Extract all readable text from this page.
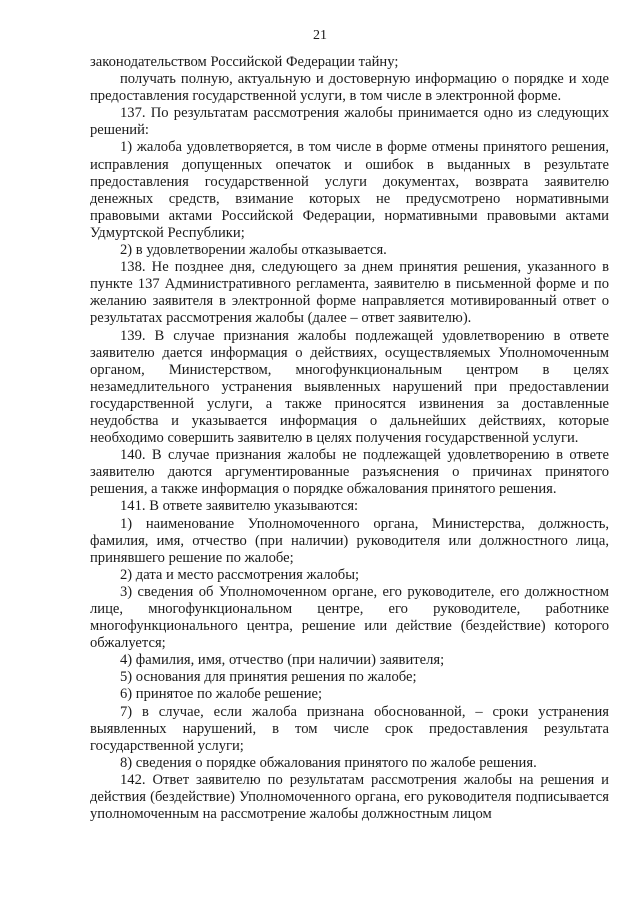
21

законодательством Российской Федерации тайну;

получать полную, актуальную и достоверную информацию о порядке и ходе предоставления государственной услуги, в том числе в электронной форме.

137. По результатам рассмотрения жалобы принимается одно из следующих решений:

1) жалоба удовлетворяется, в том числе в форме отмены принятого решения, исправления допущенных опечаток и ошибок в выданных в результате предоставления государственной услуги документах, возврата заявителю денежных средств, взимание которых не предусмотрено нормативными правовыми актами Российской Федерации, нормативными правовыми актами Удмуртской Республики;

2) в удовлетворении жалобы отказывается.

138. Не позднее дня, следующего за днем принятия решения, указанного в пункте 137 Административного регламента, заявителю в письменной форме и по желанию заявителя в электронной форме направляется мотивированный ответ о результатах рассмотрения жалобы (далее – ответ заявителю).

139. В случае признания жалобы подлежащей удовлетворению в ответе заявителю дается информация о действиях, осуществляемых Уполномоченным органом, Министерством, многофункциональным центром в целях незамедлительного устранения выявленных нарушений при предоставлении государственной услуги, а также приносятся извинения за доставленные неудобства и указывается информация о дальнейших действиях, которые необходимо совершить заявителю в целях получения государственной услуги.

140. В случае признания жалобы не подлежащей удовлетворению в ответе заявителю даются аргументированные разъяснения о причинах принятого решения, а также информация о порядке обжалования принятого решения.

141. В ответе заявителю указываются:

1) наименование Уполномоченного органа, Министерства, должность, фамилия, имя, отчество (при наличии) руководителя или должностного лица, принявшего решение по жалобе;

2) дата и место рассмотрения жалобы;

3) сведения об Уполномоченном органе, его руководителе, его должностном лице, многофункциональном центре, его руководителе, работнике многофункционального центра, решение или действие (бездействие) которого обжалуется;

4) фамилия, имя, отчество (при наличии) заявителя;

5) основания для принятия решения по жалобе;

6) принятое по жалобе решение;

7) в случае, если жалоба признана обоснованной, – сроки устранения выявленных нарушений, в том числе срок предоставления результата государственной услуги;

8) сведения о порядке обжалования принятого по жалобе решения.

142. Ответ заявителю по результатам рассмотрения жалобы на решения и действия (бездействие) Уполномоченного органа, его руководителя подписывается уполномоченным на рассмотрение жалобы должностным лицом
